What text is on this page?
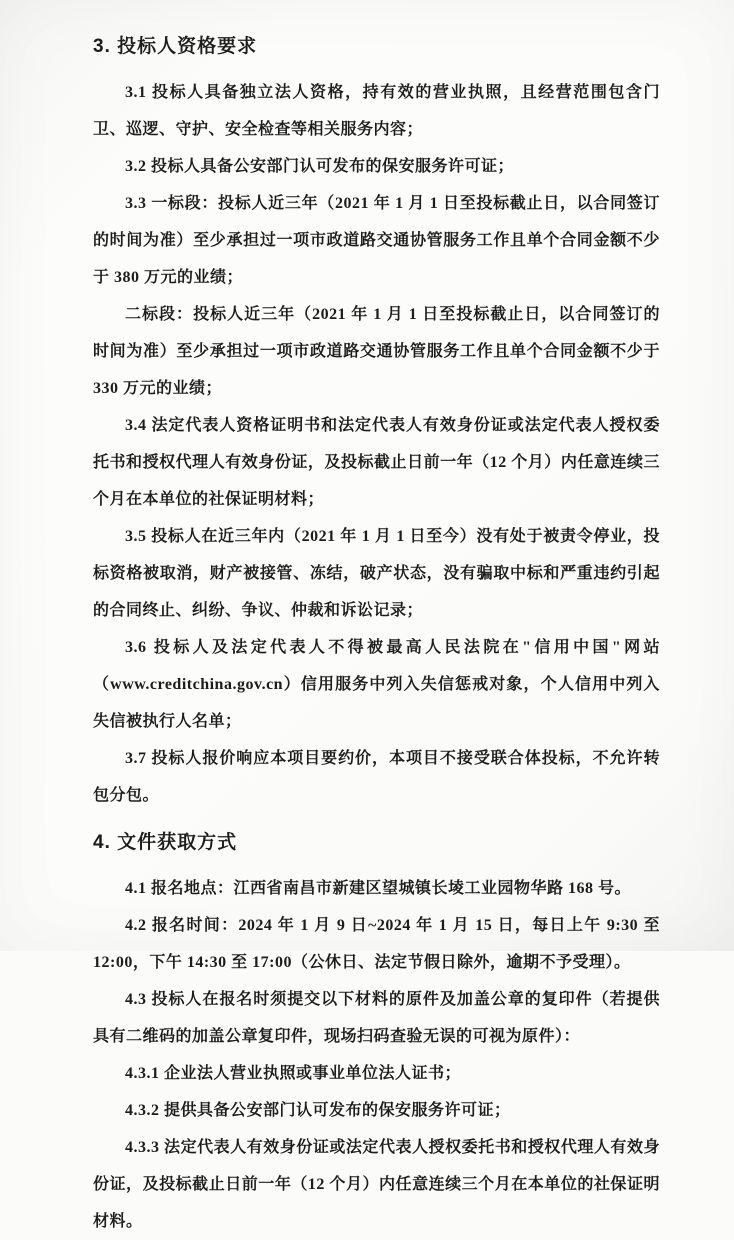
3. 投标人资格要求

3.1 投标人具备独立法人资格，持有效的营业执照，且经营范围包含门卫、巡逻、守护、安全检查等相关服务内容；

3.2 投标人具备公安部门认可发布的保安服务许可证；

3.3 一标段：投标人近三年（2021 年 1 月 1 日至投标截止日，以合同签订的时间为准）至少承担过一项市政道路交通协管服务工作且单个合同金额不少于 380 万元的业绩；

二标段：投标人近三年（2021 年 1 月 1 日至投标截止日，以合同签订的时间为准）至少承担过一项市政道路交通协管服务工作且单个合同金额不少于 330 万元的业绩；

3.4 法定代表人资格证明书和法定代表人有效身份证或法定代表人授权委托书和授权代理人有效身份证，及投标截止日前一年（12 个月）内任意连续三个月在本单位的社保证明材料；

3.5 投标人在近三年内（2021 年 1 月 1 日至今）没有处于被责令停业，投标资格被取消，财产被接管、冻结，破产状态，没有骗取中标和严重违约引起的合同终止、纠纷、争议、仲裁和诉讼记录；

3.6 投标人及法定代表人不得被最高人民法院在"信用中国"网站（www.creditchina.gov.cn）信用服务中列入失信惩戒对象，个人信用中列入失信被执行人名单；

3.7 投标人报价响应本项目要约价，本项目不接受联合体投标，不允许转包分包。

4. 文件获取方式

4.1 报名地点：江西省南昌市新建区望城镇长堎工业园物华路 168 号。

4.2 报名时间：2024 年 1 月 9 日~2024 年 1 月 15 日，每日上午 9:30 至 12:00，下午 14:30 至 17:00（公休日、法定节假日除外，逾期不予受理）。

4.3 投标人在报名时须提交以下材料的原件及加盖公章的复印件（若提供具有二维码的加盖公章复印件，现场扫码查验无误的可视为原件）：

4.3.1 企业法人营业执照或事业单位法人证书；

4.3.2 提供具备公安部门认可发布的保安服务许可证；

4.3.3 法定代表人有效身份证或法定代表人授权委托书和授权代理人有效身份证，及投标截止日前一年（12 个月）内任意连续三个月在本单位的社保证明材料。
